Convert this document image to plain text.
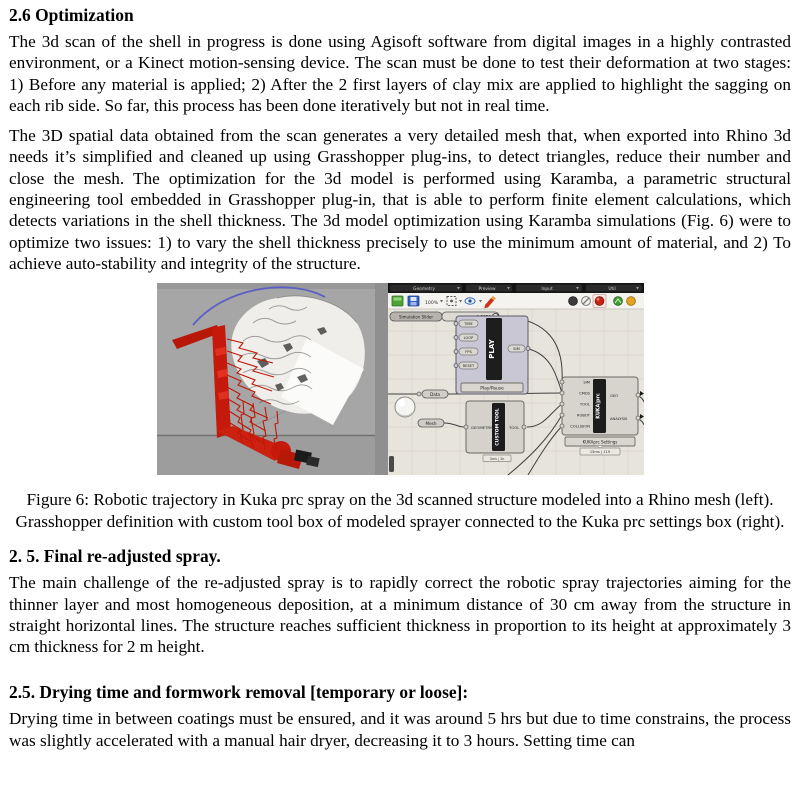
2.6 Optimization

The 3d scan of the shell in progress is done using Agisoft software from digital images in a highly contrasted environment, or a Kinect motion-sensing device. The scan must be done to test their deformation at two stages: 1) Before any material is applied; 2) After the 2 first layers of clay mix are applied to highlight the sagging on each rib side. So far, this process has been done iteratively but not in real time.

The 3D spatial data obtained from the scan generates a very detailed mesh that, when exported into Rhino 3d needs it’s simplified and cleaned up using Grasshopper plug-ins, to detect triangles, reduce their number and close the mesh. The optimization for the 3d model is performed using Karamba, a parametric structural engineering tool embedded in Grasshopper plug-in, that is able to perform finite element calculations, which detects variations in the shell thickness. The 3d model optimization using Karamba simulations (Fig. 6) were to optimize two issues: 1) to vary the shell thickness precisely to use the minimum amount of material, and 2) To achieve auto-stability and integrity of the structure.

Geometry	Preview	Input	Util
100%
Simulation Slider
TIME
LOOP
FPS
RESET
PLAY	SIM
Play/Pause
Data
Mesh
GEOMETRY CUSTOM TOOL TOOL
3ms | 2k
SIM
CMDS
TOOL
ROBOT
COLLISION
KUKA|prc GEO
ANALYSIS
KUKAprc Settings
15ms | 119
Figure 6: Robotic trajectory in Kuka prc spray on the 3d scanned structure modeled into a Rhino mesh (left).
Grasshopper definition with custom tool box of modeled sprayer connected to the Kuka prc settings box (right).
2. 5. Final re-adjusted spray.

The main challenge of the re-adjusted spray is to rapidly correct the robotic spray trajectories aiming for the thinner layer and most homogeneous deposition, at a minimum distance of 30 cm away from the structure in straight horizontal lines. The structure reaches sufficient thickness in proportion to its height at approximately 3 cm thickness for 2 m height.

2.5. Drying time and formwork removal [temporary or loose]:

Drying time in between coatings must be ensured, and it was around 5 hrs but due to time constrains, the process was slightly accelerated with a manual hair dryer, decreasing it to 3 hours. Setting time can
